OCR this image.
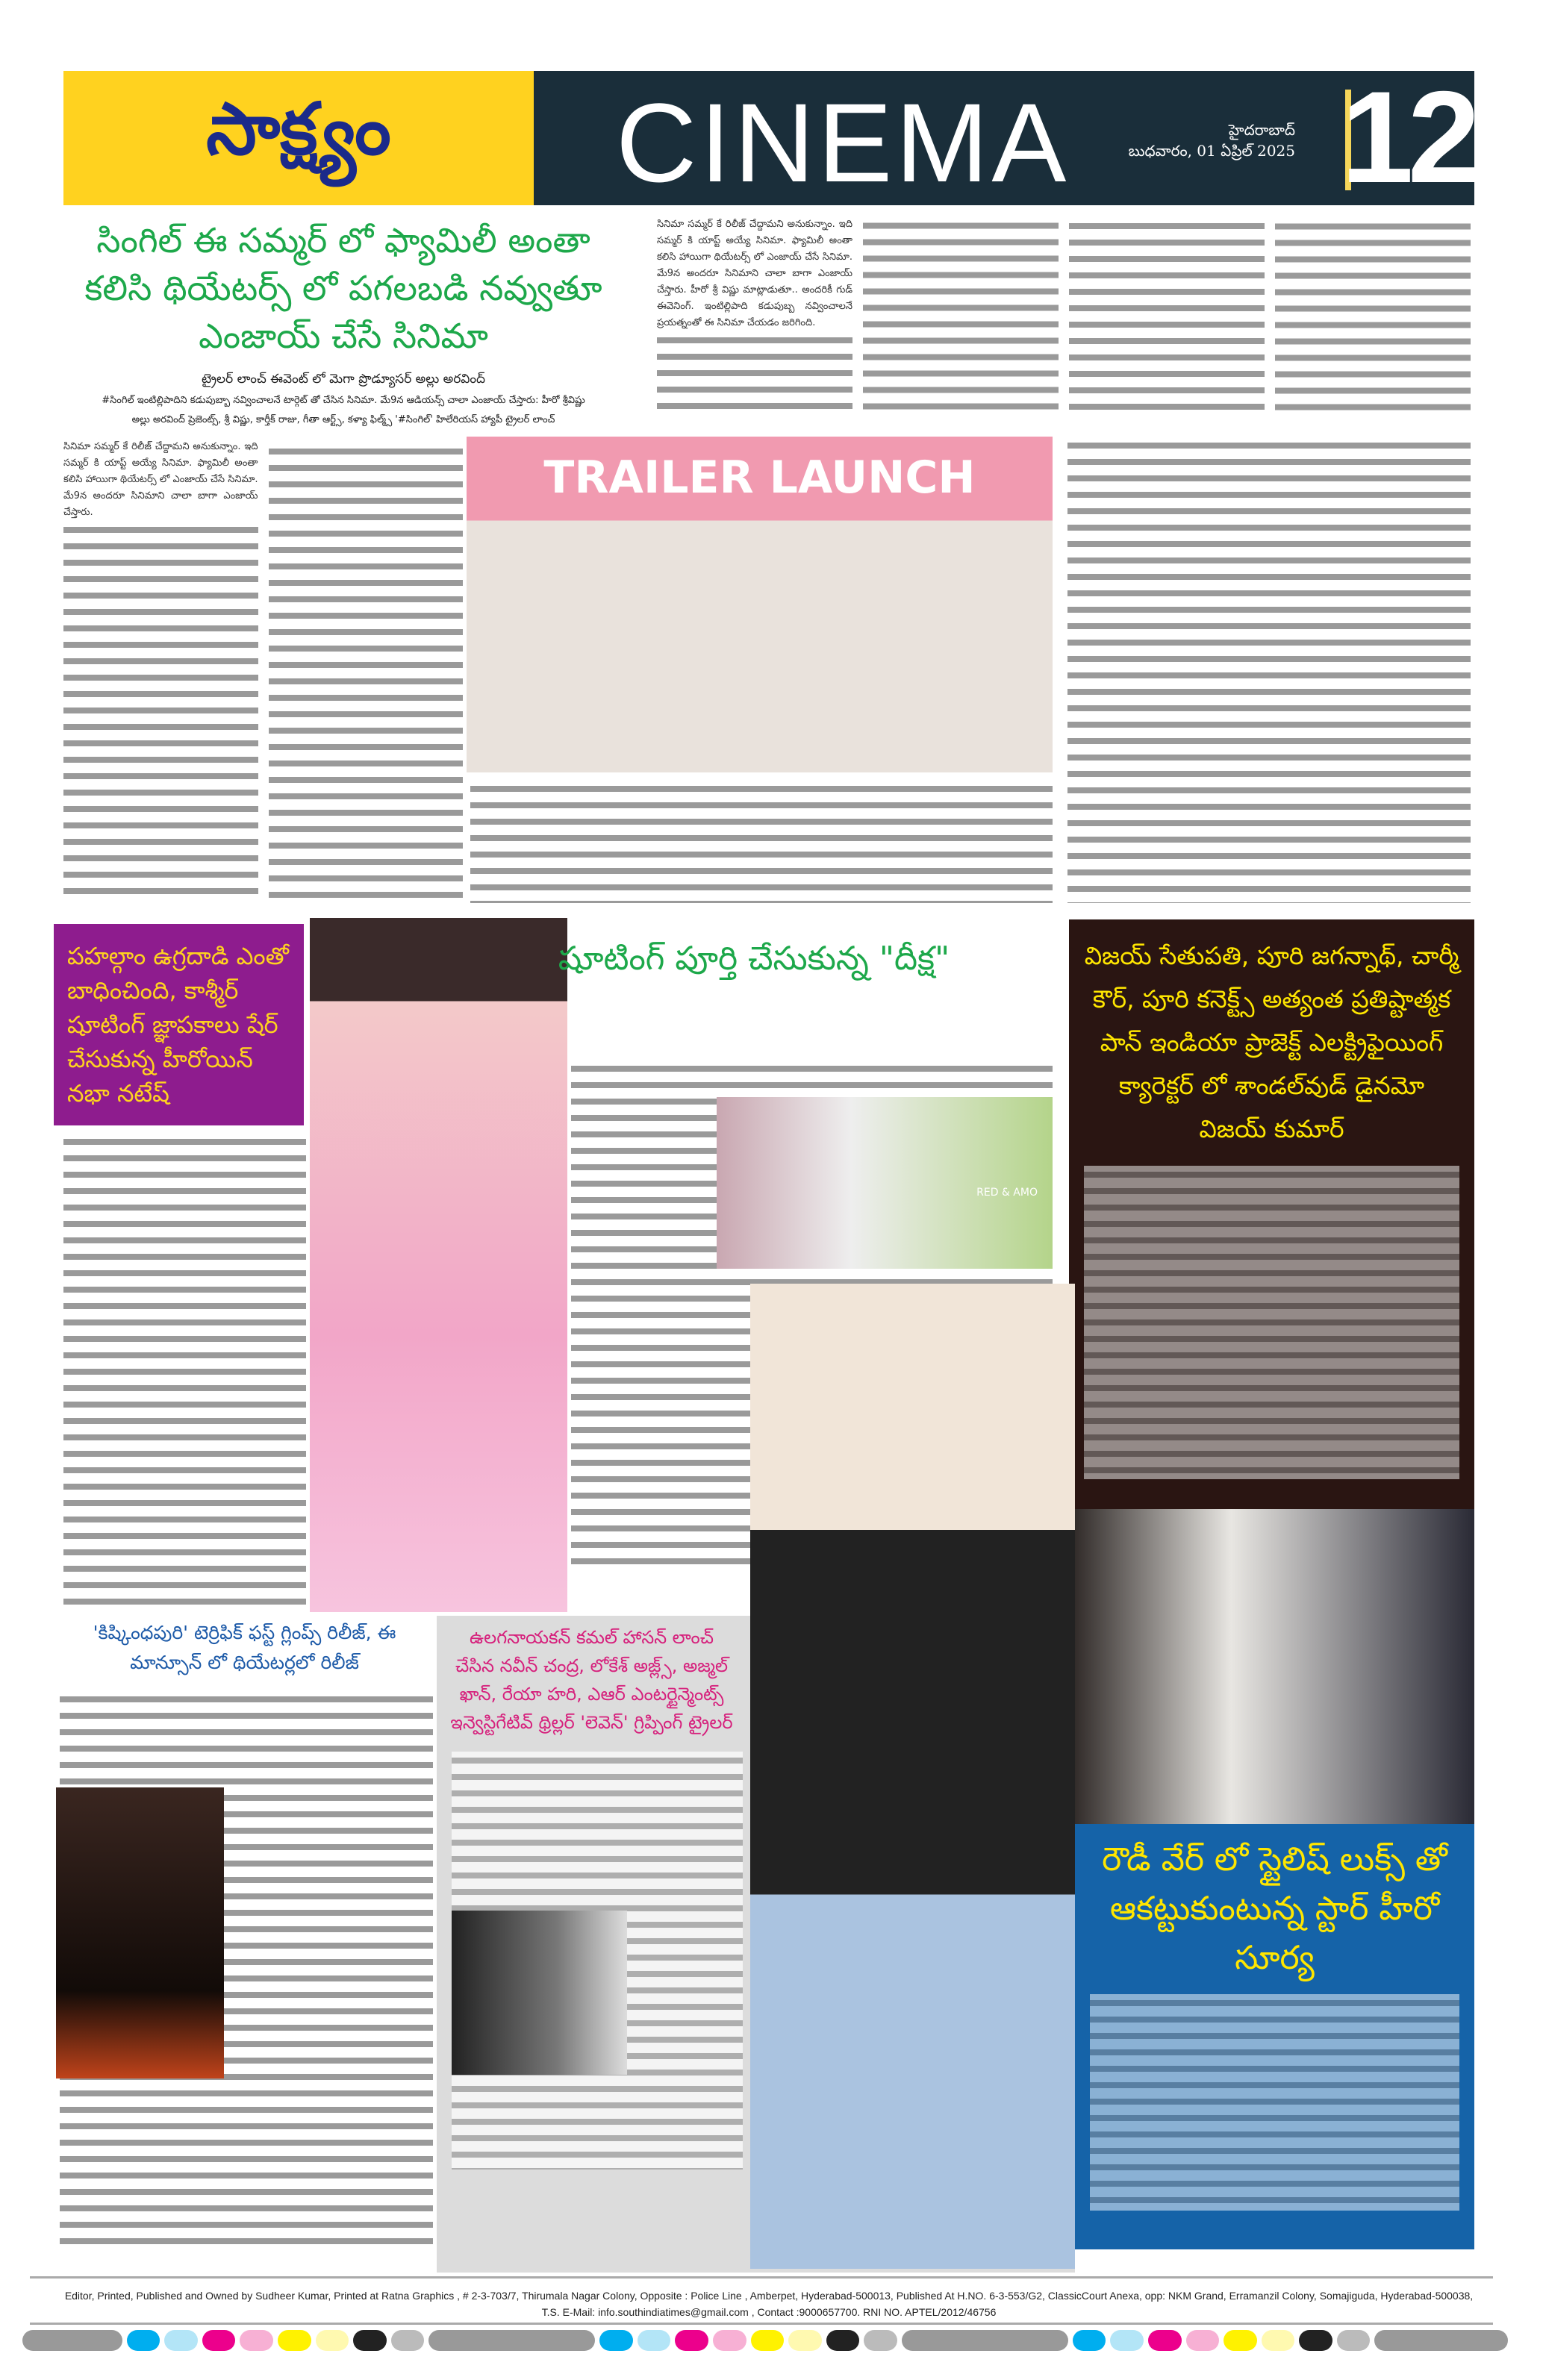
సాక్ష్యం	CINEMA	హైదరాబాద్
బుధవారం, 01 ఏప్రిల్ 2025 12
సింగిల్ ఈ సమ్మర్ లో ఫ్యామిలీ అంతా కలిసి థియేటర్స్ లో పగలబడి నవ్వుతూ ఎంజాయ్ చేసే సినిమా
ట్రైలర్ లాంచ్ ఈవెంట్ లో మెగా ప్రొడ్యూసర్ అల్లు అరవింద్
#సింగిల్ ఇంటిల్లిపాదిని కడుపుబ్బా నవ్వించాలనే టార్గెట్ తో చేసిన సినిమా. మే9న ఆడియన్స్ చాలా ఎంజాయ్ చేస్తారు: హీరో శ్రీవిష్ణు
అల్లు అరవింద్ ప్రెజెంట్స్, శ్రీ విష్ణు, కార్తీక్ రాజు, గీతా ఆర్ట్స్, కళ్యా ఫిల్మ్స్ '#సింగిల్' హిలేరియస్ హ్యాపీ ట్రైలర్ లాంచ్
సినిమా సమ్మర్ కే రిలీజ్ చేద్దామని అనుకున్నాం. ఇది సమ్మర్ కి యాప్ట్ అయ్యే సినిమా. ఫ్యామిలీ అంతా కలిసి హాయిగా థియేటర్స్ లో ఎంజాయ్ చేసే సినిమా. మే9న అందరూ సినిమాని చాలా బాగా ఎంజాయ్ చేస్తారు.
సినిమా సమ్మర్ కే రిలీజ్ చేద్దామని అనుకున్నాం. ఇది సమ్మర్ కి యాప్ట్ అయ్యే సినిమా. ఫ్యామిలీ అంతా కలిసి హాయిగా థియేటర్స్ లో ఎంజాయ్ చేసే సినిమా. మే9న అందరూ సినిమాని చాలా బాగా ఎంజాయ్ చేస్తారు. హీరో శ్రీ విష్ణు మాట్లాడుతూ.. అందరికీ గుడ్ ఈవెనింగ్. ఇంటిల్లిపాది కడుపుబ్బ నవ్వించాలనే ప్రయత్నంతో ఈ సినిమా చేయడం జరిగింది.
TRAILER LAUNCH
పహల్గాం ఉగ్రదాడి ఎంతో బాధించింది, కాశ్మీర్ షూటింగ్ జ్ఞాపకాలు షేర్ చేసుకున్న హీరోయిన్ నభా నటేష్
షూటింగ్ పూర్తి చేసుకున్న "దీక్ష"
RED & AMO
విజయ్ సేతుపతి, పూరి జగన్నాథ్, చార్మీ కౌర్, పూరి కనెక్ట్స్ అత్యంత ప్రతిష్టాత్మక పాన్ ఇండియా ప్రాజెక్ట్ ఎలక్ట్రిఫైయింగ్ క్యారెక్టర్ లో శాండల్‌వుడ్ డైనమో విజయ్ కుమార్
'కిష్కింధపురి' టెర్రిఫిక్ ఫస్ట్ గ్లింప్స్ రిలీజ్, ఈ మాన్సూన్ లో థియేటర్లలో రిలీజ్
ఉలగనాయకన్ కమల్ హాసన్ లాంచ్ చేసిన నవీన్ చంద్ర, లోకేశ్ అజ్ల్స్, అజ్మల్ ఖాన్, రేయా హరి, ఎఆర్ ఎంటర్టైన్మెంట్స్ ఇన్వెస్టిగేటివ్ థ్రిల్లర్ 'లెవెన్' గ్రిప్పింగ్ ట్రైలర్
రౌడీ వేర్ లో స్టైలిష్ లుక్స్ తో ఆకట్టుకుంటున్న స్టార్ హీరో సూర్య
Editor, Printed, Published and Owned by Sudheer Kumar, Printed at Ratna Graphics , # 2-3-703/7, Thirumala Nagar Colony, Opposite : Police Line , Amberpet, Hyderabad-500013, Published At H.NO. 6-3-553/G2, ClassicCourt Anexa, opp: NKM Grand, Erramanzil Colony, Somajiguda, Hyderabad-500038,
T.S. E-Mail: info.southindiatimes@gmail.com , Contact :9000657700. RNI NO. APTEL/2012/46756
